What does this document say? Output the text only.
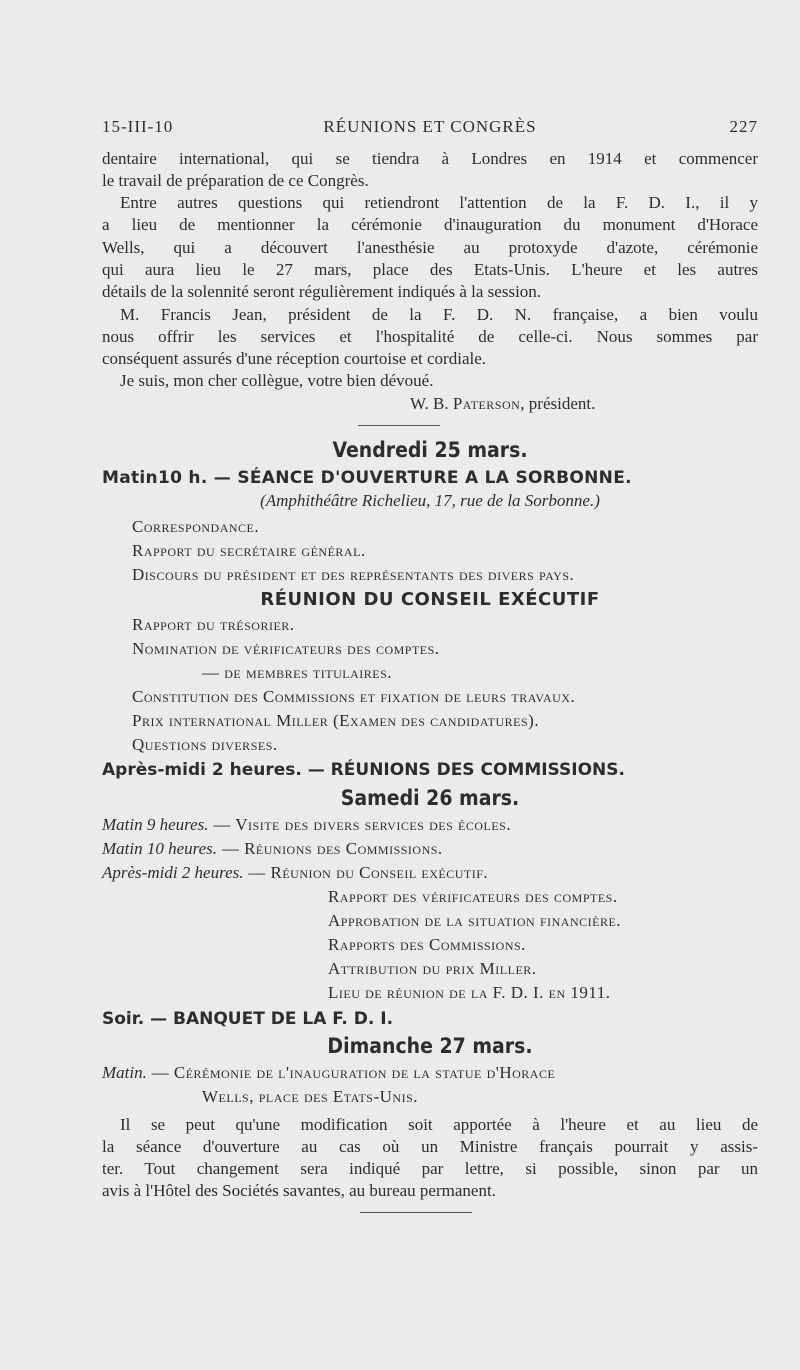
15-III-10	RÉUNIONS ET CONGRÈS	227
dentaire international, qui se tiendra à Londres en 1914 et commencer
le travail de préparation de ce Congrès.
Entre autres questions qui retiendront l'attention de la F. D. I., il y
a lieu de mentionner la cérémonie d'inauguration du monument d'Horace
Wells, qui a découvert l'anesthésie au protoxyde d'azote, cérémonie
qui aura lieu le 27 mars, place des Etats-Unis. L'heure et les autres
détails de la solennité seront régulièrement indiqués à la session.
M. Francis Jean, président de la F. D. N. française, a bien voulu
nous offrir les services et l'hospitalité de celle-ci. Nous sommes par
conséquent assurés d'une réception courtoise et cordiale.
Je suis, mon cher collègue, votre bien dévoué.
W. B. Paterson, président.
Vendredi 25 mars.
Matin10 h. — SÉANCE D'OUVERTURE A LA SORBONNE.
(Amphithéâtre Richelieu, 17, rue de la Sorbonne.)
Correspondance.
Rapport du secrétaire général.
Discours du président et des représentants des divers pays.
RÉUNION DU CONSEIL EXÉCUTIF
Rapport du trésorier.
Nomination de vérificateurs des comptes.
— de membres titulaires.
Constitution des Commissions et fixation de leurs travaux.
Prix international Miller (Examen des candidatures).
Questions diverses.
Après-midi 2 heures. — RÉUNIONS DES COMMISSIONS.
Samedi 26 mars.
Matin 9 heures. — Visite des divers services des écoles.
Matin 10 heures. — Réunions des Commissions.
Après-midi 2 heures. — Réunion du Conseil exécutif.
Rapport des vérificateurs des comptes.
Approbation de la situation financière.
Rapports des Commissions.
Attribution du prix Miller.
Lieu de réunion de la F. D. I. en 1911.
Soir. — BANQUET DE LA F. D. I.
Dimanche 27 mars.
Matin. — Cérémonie de l'inauguration de la statue d'Horace
Wells, place des Etats-Unis.
Il se peut qu'une modification soit apportée à l'heure et au lieu de
la séance d'ouverture au cas où un Ministre français pourrait y assis-
ter. Tout changement sera indiqué par lettre, si possible, sinon par un
avis à l'Hôtel des Sociétés savantes, au bureau permanent.
